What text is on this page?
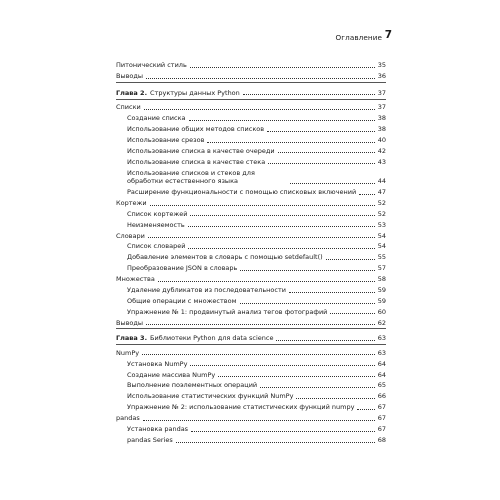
Оглавление 7
Питонический стиль	35
Выводы	36
Глава 2. Структуры данных Python	37
Списки	37
Создание списка	38
Использование общих методов списков	38
Использование срезов	40
Использование списка в качестве очереди	42
Использование списка в качестве стека	43
Использование списков и стеков для обработки естественного языка	44
Расширение функциональности с помощью списковых включений	47
Кортежи	52
Список кортежей	52
Неизменяемость	53
Словари	54
Список словарей	54
Добавление элементов в словарь с помощью setdefault()	55
Преобразование JSON в словарь	57
Множества	58
Удаление дубликатов из последовательности	59
Общие операции с множеством	59
Упражнение № 1: продвинутый анализ тегов фотографий	60
Выводы	62
Глава 3. Библиотеки Python для data science	63
NumPy	63
Установка NumPy	64
Создание массива NumPy	64
Выполнение поэлементных операций	65
Использование статистических функций NumPy	66
Упражнение № 2: использование статистических функций numpy	67
pandas	67
Установка pandas	67
pandas Series	68
